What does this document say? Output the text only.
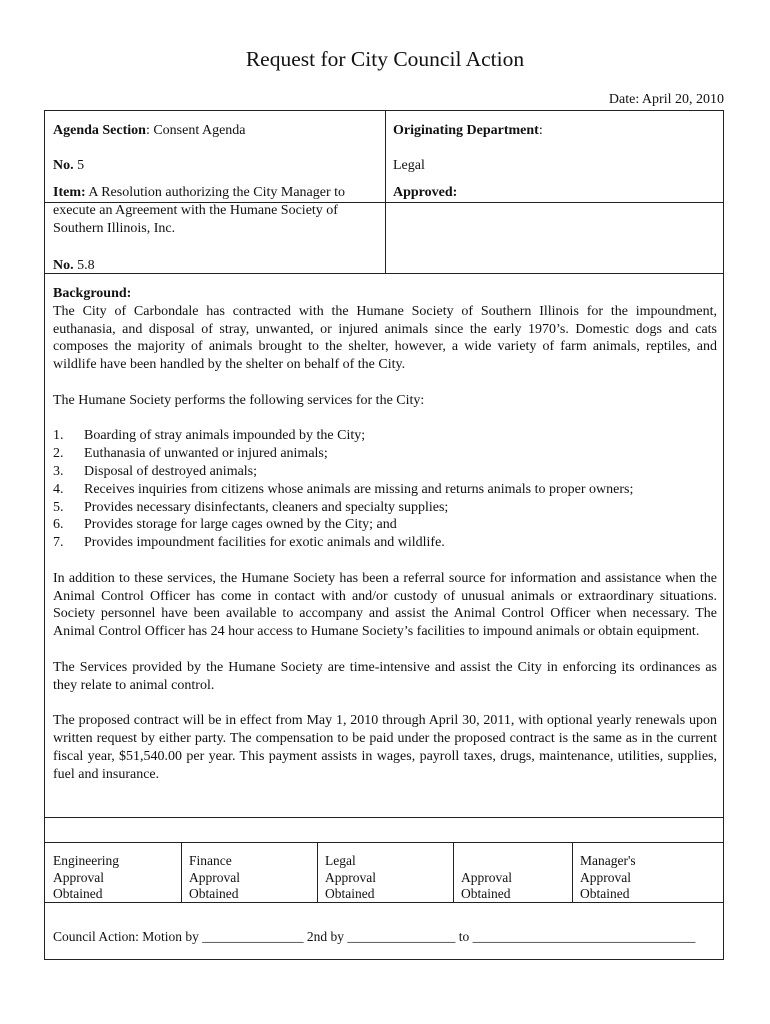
Request for City Council Action
Date: April 20, 2010
Agenda Section: Consent Agenda
No. 5
Originating Department:
Legal
Item: A Resolution authorizing the City Manager to execute an Agreement with the Humane Society of Southern Illinois, Inc.
No. 5.8
Approved:
Background:

The City of Carbondale has contracted with the Humane Society of Southern Illinois for the impoundment, euthanasia, and disposal of stray, unwanted, or injured animals since the early 1970’s. Domestic dogs and cats composes the majority of animals brought to the shelter, however, a wide variety of farm animals, reptiles, and wildlife have been handled by the shelter on behalf of the City.

The Humane Society performs the following services for the City:

1.	Boarding of stray animals impounded by the City;
2.	Euthanasia of unwanted or injured animals;
3.	Disposal of destroyed animals;
4.	Receives inquiries from citizens whose animals are missing and returns animals to proper owners;
5.	Provides necessary disinfectants, cleaners and specialty supplies;
6.	Provides storage for large cages owned by the City; and
7.	Provides impoundment facilities for exotic animals and wildlife.

In addition to these services, the Humane Society has been a referral source for information and assistance when the Animal Control Officer has come in contact with and/or custody of unusual animals or extraordinary situations. Society personnel have been available to accompany and assist the Animal Control Officer when necessary. The Animal Control Officer has 24 hour access to Humane Society’s facilities to impound animals or obtain equipment.

The Services provided by the Humane Society are time-intensive and assist the City in enforcing its ordinances as they relate to animal control.

The proposed contract will be in effect from May 1, 2010 through April 30, 2011, with optional yearly renewals upon written request by either party. The compensation to be paid under the proposed contract is the same as in the current fiscal year, $51,540.00 per year. This payment assists in wages, payroll taxes, drugs, maintenance, utilities, supplies, fuel and insurance.

Engineering
Approval
Obtained
Finance
Approval
Obtained
Legal
Approval
Obtained
Approval
Obtained
Manager's
Approval
Obtained
Council Action: Motion by _______________ 2nd by ________________ to _________________________________
